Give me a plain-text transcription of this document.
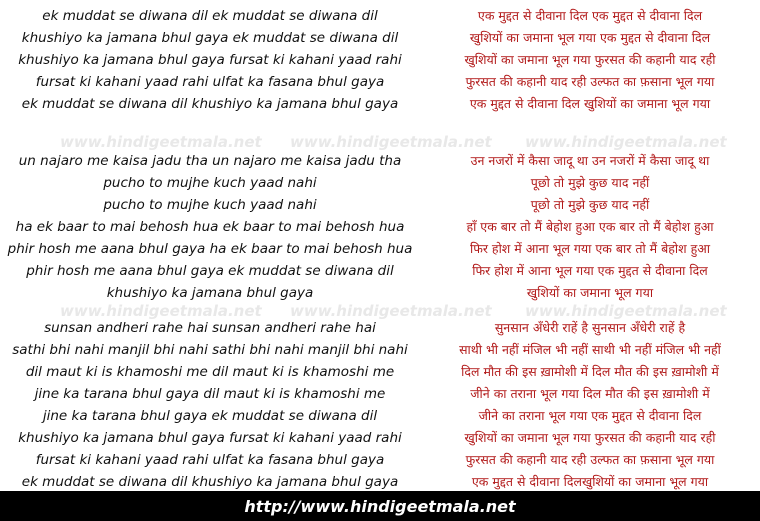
www.hindigeetmala.net www.hindigeetmala.net www.hindigeetmala.net
www.hindigeetmala.net www.hindigeetmala.net www.hindigeetmala.net
ek muddat se diwana dil ek muddat se diwana dil
khushiyo ka jamana bhul gaya ek muddat se diwana dil
khushiyo ka jamana bhul gaya fursat ki kahani yaad rahi
fursat ki kahani yaad rahi ulfat ka fasana bhul gaya
ek muddat se diwana dil khushiyo ka jamana bhul gaya
un najaro me kaisa jadu tha un najaro me kaisa jadu tha
pucho to mujhe kuch yaad nahi
pucho to mujhe kuch yaad nahi
ha ek baar to mai behosh hua ek baar to mai behosh hua
phir hosh me aana bhul gaya ha ek baar to mai behosh hua
phir hosh me aana bhul gaya ek muddat se diwana dil
khushiyo ka jamana bhul gaya
sunsan andheri rahe hai sunsan andheri rahe hai
sathi bhi nahi manjil bhi nahi sathi bhi nahi manjil bhi nahi
dil maut ki is khamoshi me dil maut ki is khamoshi me
jine ka tarana bhul gaya dil maut ki is khamoshi me
jine ka tarana bhul gaya ek muddat se diwana dil
khushiyo ka jamana bhul gaya fursat ki kahani yaad rahi
fursat ki kahani yaad rahi ulfat ka fasana bhul gaya
ek muddat se diwana dil khushiyo ka jamana bhul gaya
एक मुद्दत से दीवाना दिल एक मुद्दत से दीवाना दिल
खुशियों का जमाना भूल गया एक मुद्दत से दीवाना दिल
खुशियों का जमाना भूल गया फुरसत की कहानी याद रही
फुरसत की कहानी याद रही उल्फत का फ़साना भूल गया
एक मुद्दत से दीवाना दिल खुशियों का जमाना भूल गया
उन नजरों में कैसा जादू था उन नजरों में कैसा जादू था
पूछो तो मुझे कुछ याद नहीं
पूछो तो मुझे कुछ याद नहीं
हाँ एक बार तो मैं बेहोश हुआ एक बार तो मैं बेहोश हुआ
फिर होश में आना भूल गया एक बार तो मैं बेहोश हुआ
फिर होश में आना भूल गया एक मुद्दत से दीवाना दिल
खुशियों का जमाना भूल गया
सुनसान अँधेरी राहें है सुनसान अँधेरी राहें है
साथी भी नहीं मंजिल भी नहीं साथी भी नहीं मंजिल भी नहीं
दिल मौत की इस ख़ामोशी में दिल मौत की इस ख़ामोशी में
जीने का तराना भूल गया दिल मौत की इस ख़ामोशी में
जीने का तराना भूल गया एक मुद्दत से दीवाना दिल
खुशियों का जमाना भूल गया फुरसत की कहानी याद रही
फुरसत की कहानी याद रही उल्फत का फ़साना भूल गया
एक मुद्दत से दीवाना दिलखुशियों का जमाना भूल गया
http://www.hindigeetmala.net
